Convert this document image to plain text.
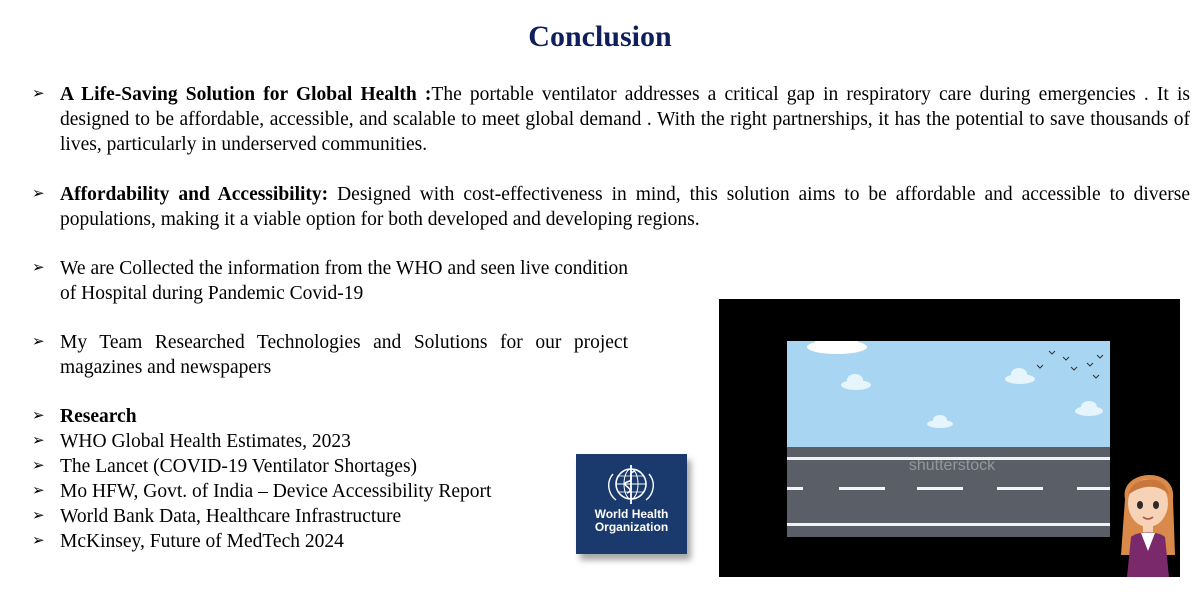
Conclusion
➢ A Life-Saving Solution for Global Health :The portable ventilator addresses a critical gap in respiratory care during emergencies . It is designed to be affordable, accessible, and scalable to meet global demand . With the right partnerships, it has the potential to save thousands of lives, particularly in underserved communities.
➢ Affordability and Accessibility: Designed with cost-effectiveness in mind, this solution aims to be affordable and accessible to diverse populations, making it a viable option for both developed and developing regions.
➢ We are Collected the information from the WHO and seen live condition of Hospital during Pandemic Covid-19
➢ My Team Researched Technologies and Solutions for our project magazines and newspapers
➢ Research
➢ WHO Global Health Estimates, 2023
➢ The Lancet (COVID-19 Ventilator Shortages)
➢ Mo HFW, Govt. of India – Device Accessibility Report
➢ World Bank Data, Healthcare Infrastructure
➢ McKinsey, Future of MedTech 2024
World Health
Organization
shutterstock
